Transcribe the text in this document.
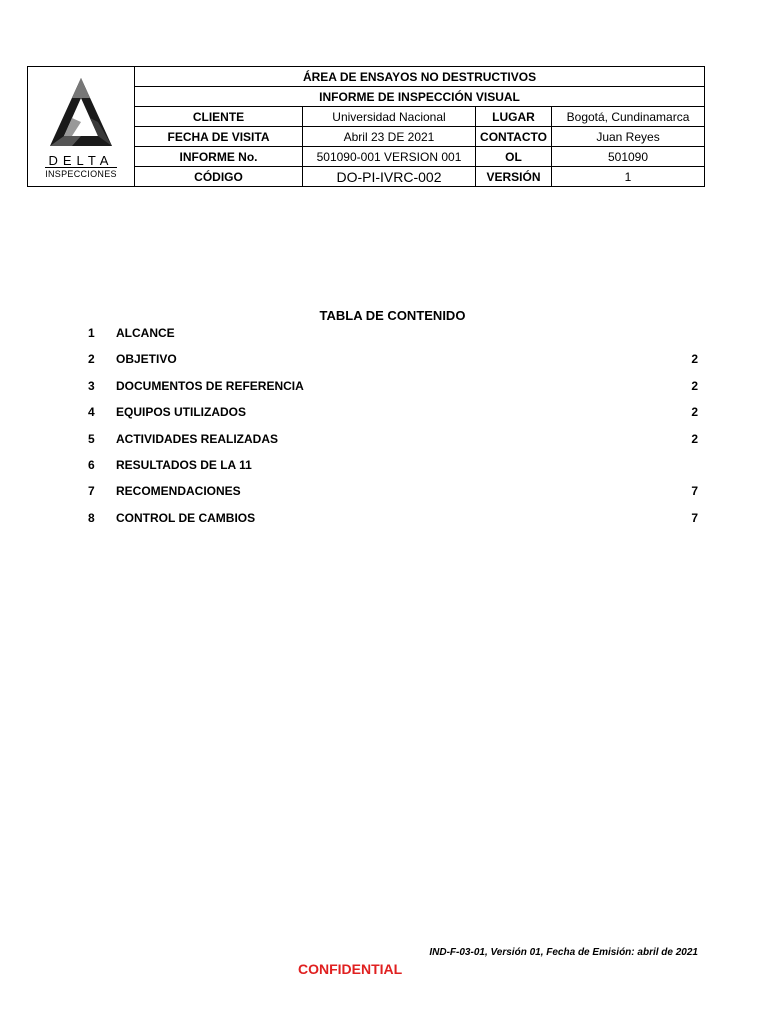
DELTA
INSPECCIONES	ÁREA DE ENSAYOS NO DESTRUCTIVOS			
	INFORME DE INSPECCIÓN VISUAL			
	CLIENTE	Universidad Nacional	LUGAR	Bogotá, Cundinamarca
	FECHA DE VISITA	Abril 23 DE 2021	CONTACTO	Juan Reyes
	INFORME No.	501090-001 VERSION 001	OL	501090
	CÓDIGO	DO-PI-IVRC-002	VERSIÓN	1
TABLA DE CONTENIDO
1 ALCANCE
2 OBJETIVO	2
3 DOCUMENTOS DE REFERENCIA	2
4 EQUIPOS UTILIZADOS	2
5 ACTIVIDADES REALIZADAS	2
6 RESULTADOS DE LA 11
7 RECOMENDACIONES	7
8 CONTROL DE CAMBIOS	7
IND-F-03-01, Versión 01, Fecha de Emisión: abril de 2021
CONFIDENTIAL
